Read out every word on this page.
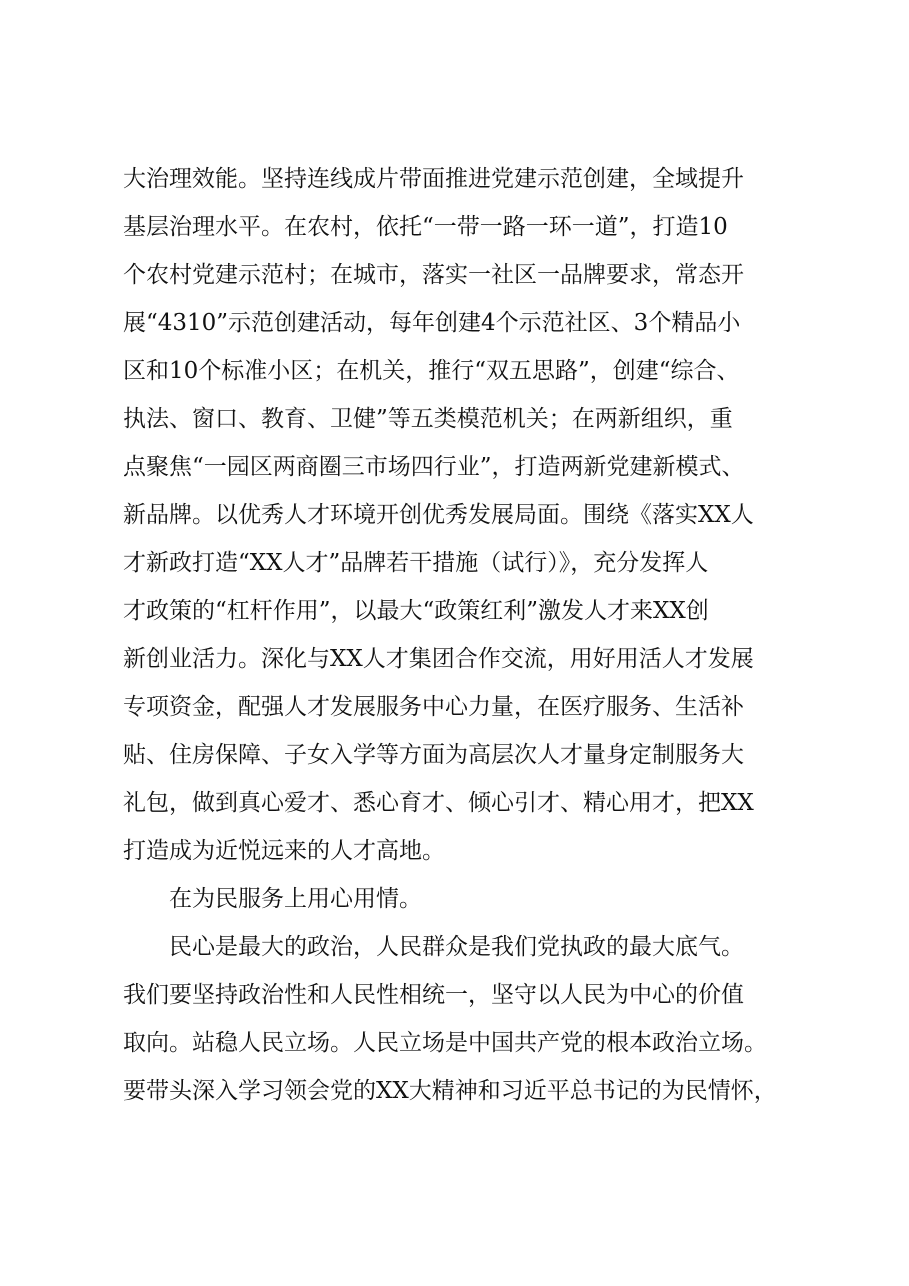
大治理效能。坚持连线成片带面推进党建示范创建，全域提升
基层治理水平。在农村，依托“一带一路一环一道”，打造10
个农村党建示范村；在城市，落实一社区一品牌要求，常态开
展“4310”示范创建活动，每年创建4个示范社区、3个精品小
区和10个标准小区；在机关，推行“双五思路”，创建“综合、
执法、窗口、教育、卫健”等五类模范机关；在两新组织，重
点聚焦“一园区两商圈三市场四行业”，打造两新党建新模式、
新品牌。以优秀人才环境开创优秀发展局面。围绕《落实XX人
才新政打造“XX人才”品牌若干措施（试行）》，充分发挥人
才政策的“杠杆作用”，以最大“政策红利”激发人才来XX创
新创业活力。深化与XX人才集团合作交流，用好用活人才发展
专项资金，配强人才发展服务中心力量，在医疗服务、生活补
贴、住房保障、子女入学等方面为高层次人才量身定制服务大
礼包，做到真心爱才、悉心育才、倾心引才、精心用才，把XX
打造成为近悦远来的人才高地。
在为民服务上用心用情。
民心是最大的政治，人民群众是我们党执政的最大底气。
我们要坚持政治性和人民性相统一，坚守以人民为中心的价值
取向。站稳人民立场。人民立场是中国共产党的根本政治立场。
要带头深入学习领会党的XX大精神和习近平总书记的为民情怀，
